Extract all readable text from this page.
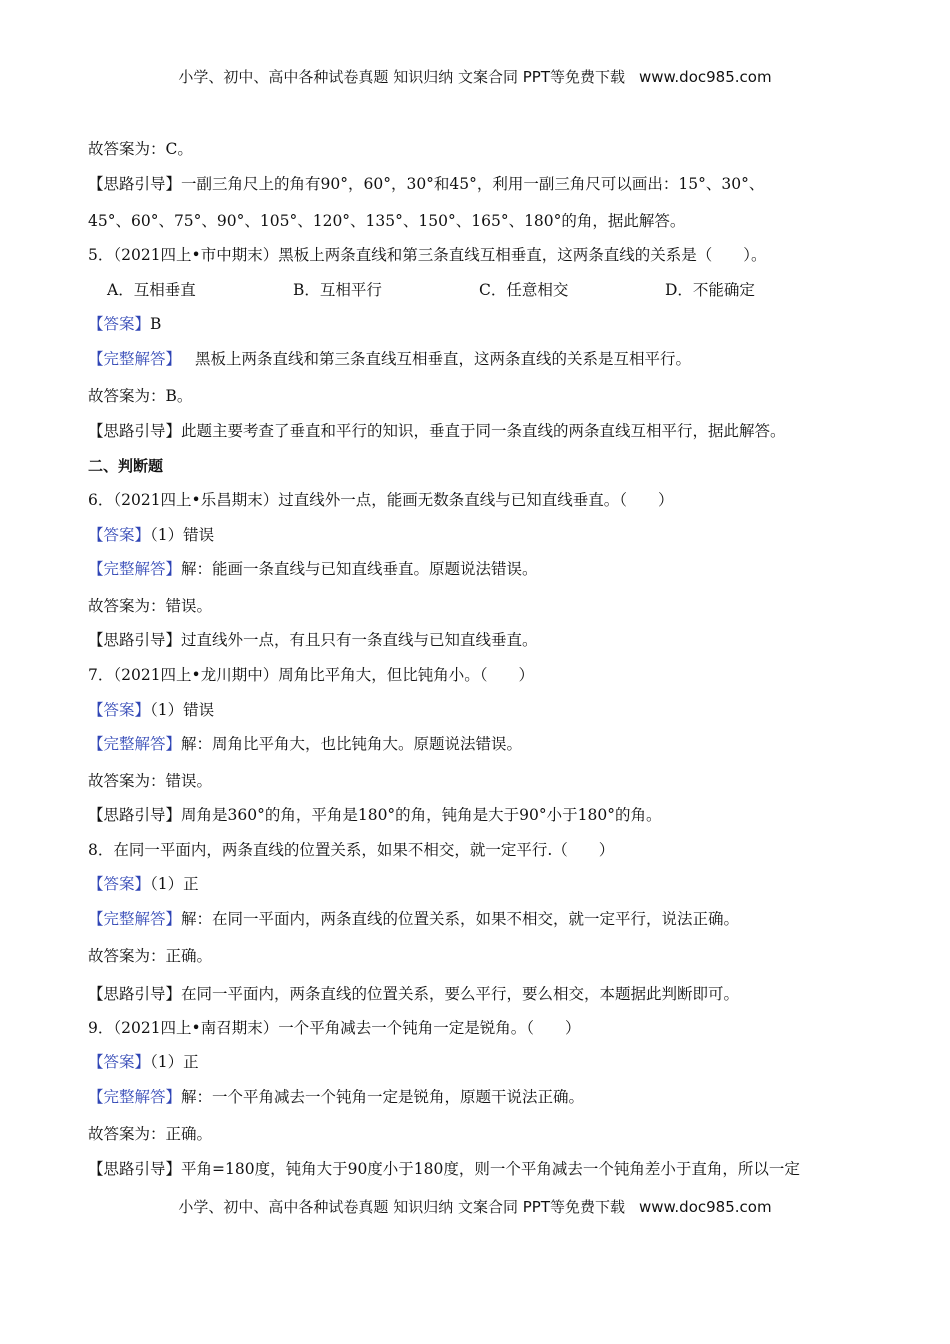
小学、初中、高中各种试卷真题 知识归纳 文案合同 PPT等免费下载 www.doc985.com
故答案为：C。
【思路引导】一副三角尺上的角有90°，60°，30°和45°，利用一副三角尺可以画出：15°、30°、
45°、60°、75°、90°、105°、120°、135°、150°、165°、180°的角，据此解答。
5．（2021四上•市中期末）黑板上两条直线和第三条直线互相垂直，这两条直线的关系是（　　）。
A．互相垂直	B．互相平行	C．任意相交	D．不能确定
【答案】B
【完整解答】 黑板上两条直线和第三条直线互相垂直，这两条直线的关系是互相平行。
故答案为：B。
【思路引导】此题主要考查了垂直和平行的知识，垂直于同一条直线的两条直线互相平行，据此解答。
二、判断题
6．（2021四上•乐昌期末）过直线外一点，能画无数条直线与已知直线垂直。（　　）
【答案】（1）错误
【完整解答】解：能画一条直线与已知直线垂直。原题说法错误。
故答案为：错误。
【思路引导】过直线外一点，有且只有一条直线与已知直线垂直。
7．（2021四上•龙川期中）周角比平角大，但比钝角小。（　　）
【答案】（1）错误
【完整解答】解：周角比平角大，也比钝角大。原题说法错误。
故答案为：错误。
【思路引导】周角是360°的角，平角是180°的角，钝角是大于90°小于180°的角。
8．在同一平面内，两条直线的位置关系，如果不相交，就一定平行.（　　）
【答案】（1）正
【完整解答】解：在同一平面内，两条直线的位置关系，如果不相交，就一定平行，说法正确。
故答案为：正确。
【思路引导】在同一平面内，两条直线的位置关系，要么平行，要么相交，本题据此判断即可。
9．（2021四上•南召期末）一个平角减去一个钝角一定是锐角。（　　）
【答案】（1）正
【完整解答】解：一个平角减去一个钝角一定是锐角，原题干说法正确。
故答案为：正确。
【思路引导】平角=180度，钝角大于90度小于180度，则一个平角减去一个钝角差小于直角，所以一定
小学、初中、高中各种试卷真题 知识归纳 文案合同 PPT等免费下载 www.doc985.com
